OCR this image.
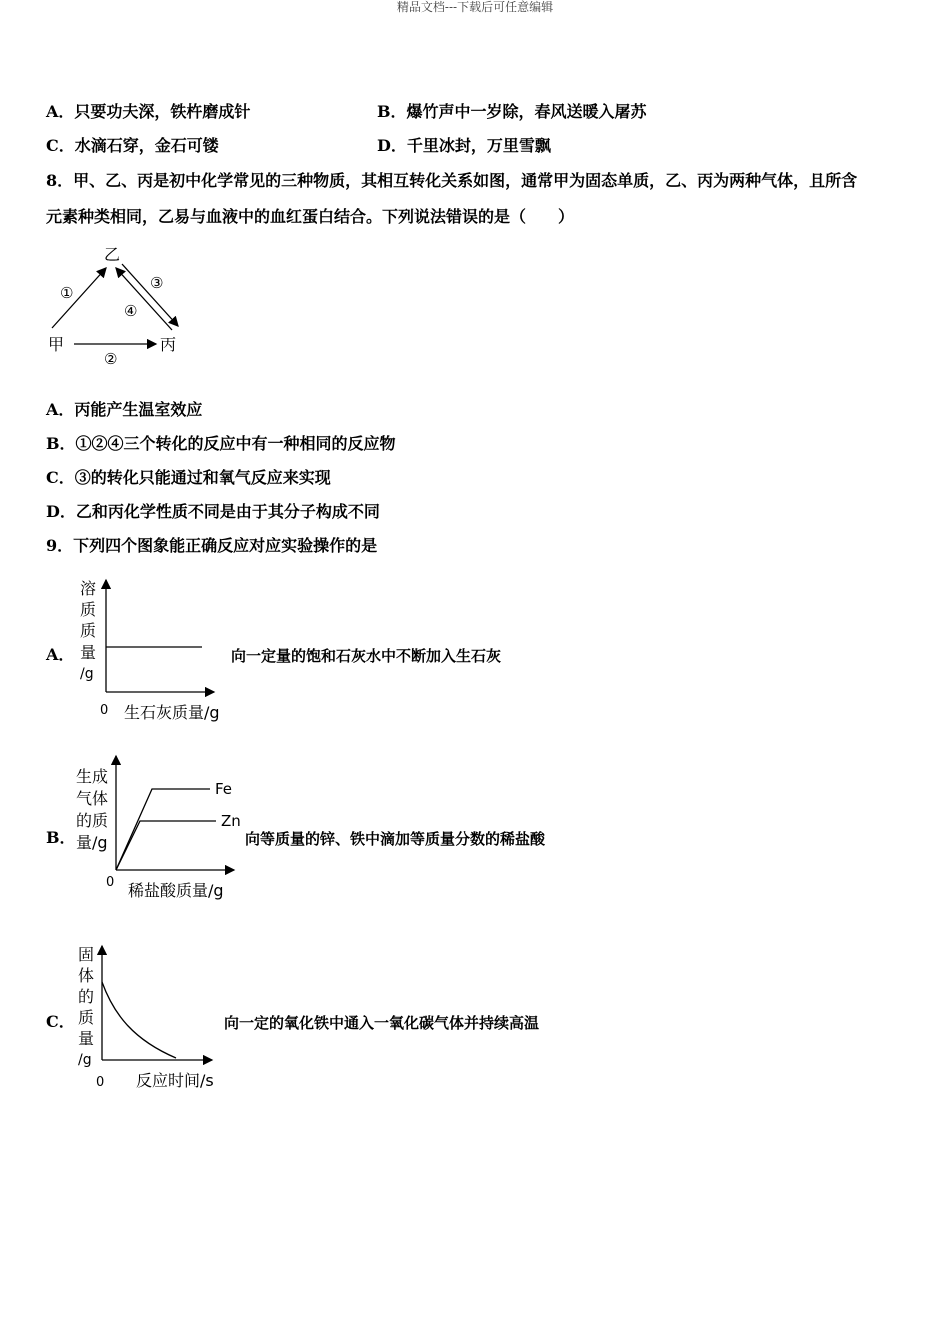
精品文档---下载后可任意编辑
A．只要功夫深，铁杵磨成针	B．爆竹声中一岁除，春风送暖入屠苏
C．水滴石穿，金石可镂	D．千里冰封，万里雪飘
8．甲、乙、丙是初中化学常见的三种物质，其相互转化关系如图，通常甲为固态单质，乙、丙为两种气体，且所含
元素种类相同，乙易与血液中的血红蛋白结合。下列说法错误的是（　　）
乙
甲	丙
①
②
③
④
A．丙能产生温室效应
B．①②④三个转化的反应中有一种相同的反应物
C．③的转化只能通过和氧气反应来实现
D．乙和丙化学性质不同是由于其分子构成不同
9．下列四个图象能正确反应对应实验操作的是
A．
溶
质
质
量
/g
0 生石灰质量/g
向一定量的饱和石灰水中不断加入生石灰
B．
Fe
Zn
生成
气体
的质
量/g
0 稀盐酸质量/g
向等质量的锌、铁中滴加等质量分数的稀盐酸
C．
固
体
的
质
量
/g
0 反应时间/s
向一定的氧化铁中通入一氧化碳气体并持续高温
